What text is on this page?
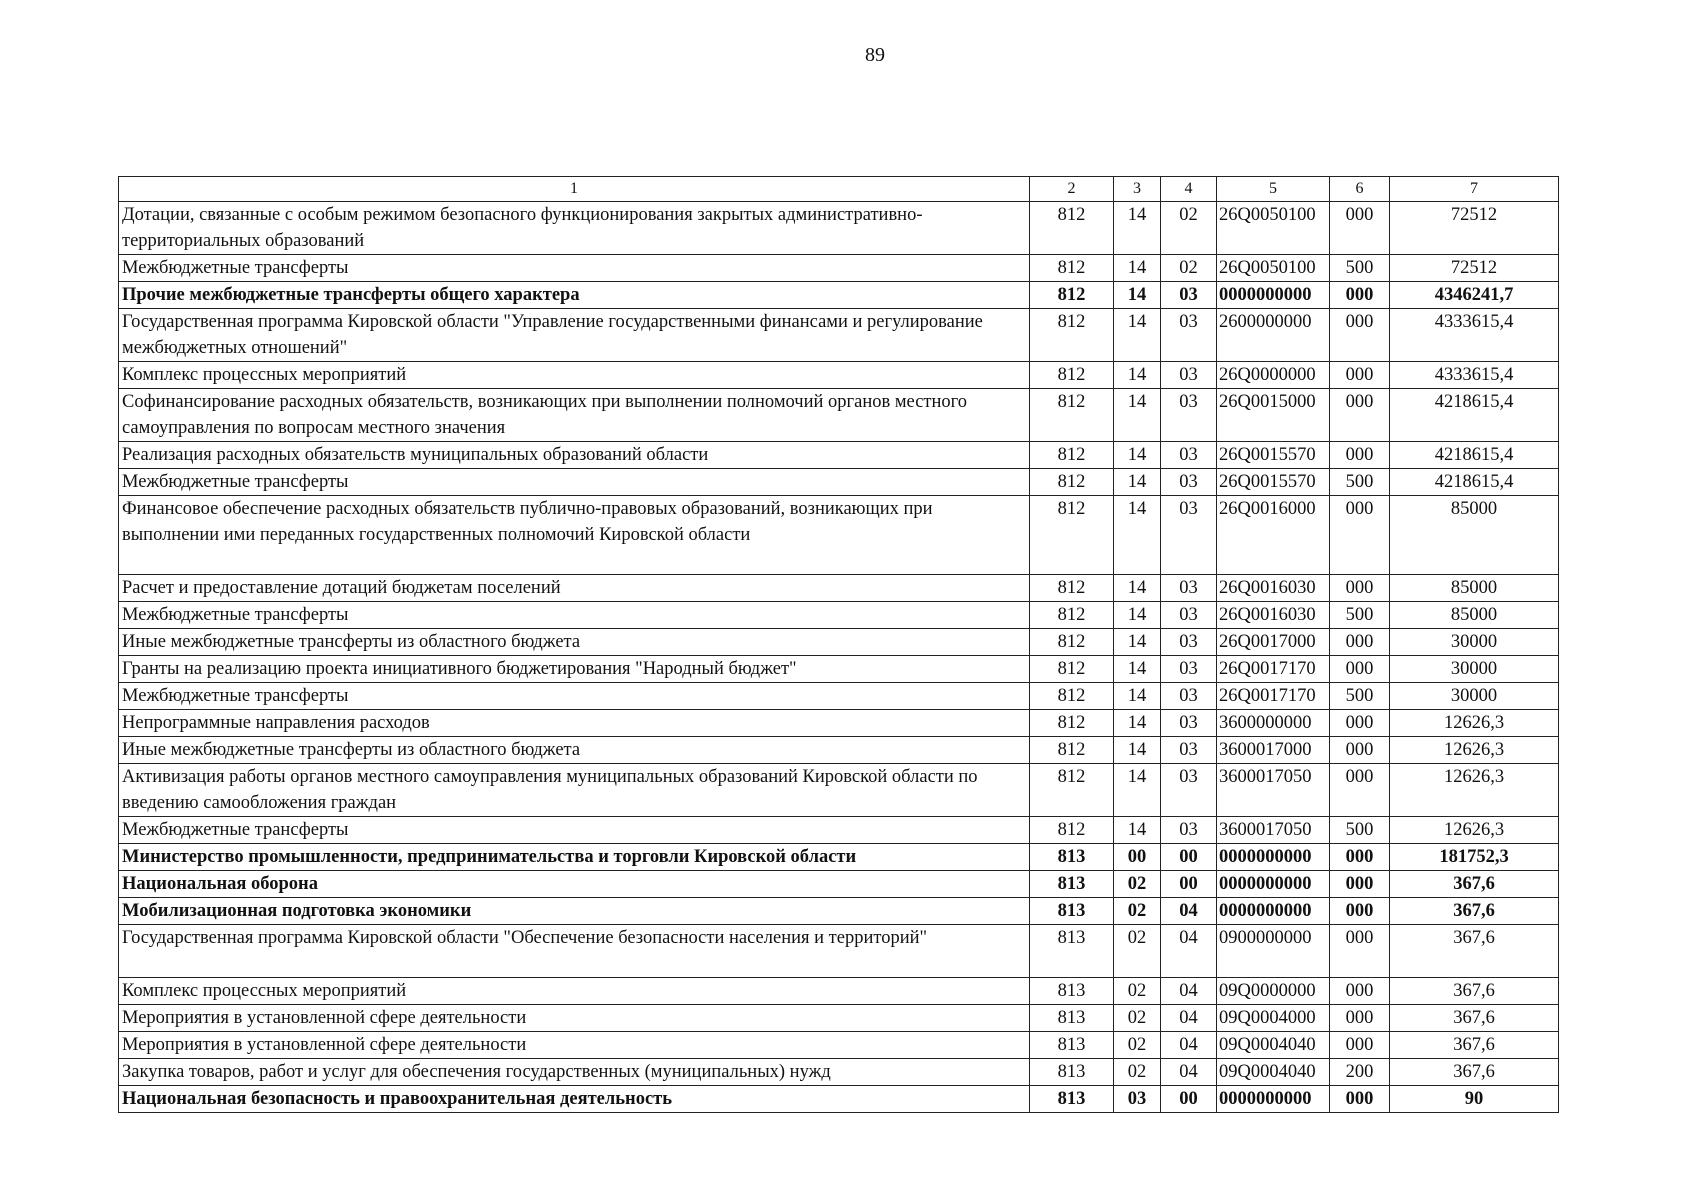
89
1	2	3	4	5	6	7
Дотации, связанные с особым режимом безопасного функционирования закрытых административно-территориальных образований	812	14	02	26Q0050100	000	72512
Межбюджетные трансферты	812	14	02	26Q0050100	500	72512
Прочие межбюджетные трансферты общего характера	812	14	03	0000000000	000	4346241,7
Государственная программа Кировской области "Управление государственными финансами и регулирование межбюджетных отношений"	812	14	03	2600000000	000	4333615,4
Комплекс процессных мероприятий	812	14	03	26Q0000000	000	4333615,4
Софинансирование расходных обязательств, возникающих при выполнении полномочий органов местного самоуправления по вопросам местного значения	812	14	03	26Q0015000	000	4218615,4
Реализация расходных обязательств муниципальных образований области	812	14	03	26Q0015570	000	4218615,4
Межбюджетные трансферты	812	14	03	26Q0015570	500	4218615,4
Финансовое обеспечение расходных обязательств публично-правовых образований, возникающих при выполнении ими переданных государственных полномочий Кировской области	812	14	03	26Q0016000	000	85000
Расчет и предоставление дотаций бюджетам поселений	812	14	03	26Q0016030	000	85000
Межбюджетные трансферты	812	14	03	26Q0016030	500	85000
Иные межбюджетные трансферты из областного бюджета	812	14	03	26Q0017000	000	30000
Гранты на реализацию проекта инициативного бюджетирования "Народный бюджет"	812	14	03	26Q0017170	000	30000
Межбюджетные трансферты	812	14	03	26Q0017170	500	30000
Непрограммные направления расходов	812	14	03	3600000000	000	12626,3
Иные межбюджетные трансферты из областного бюджета	812	14	03	3600017000	000	12626,3
Активизация работы органов местного самоуправления муниципальных образований Кировской области по введению самообложения граждан	812	14	03	3600017050	000	12626,3
Межбюджетные трансферты	812	14	03	3600017050	500	12626,3
Министерство промышленности, предпринимательства и торговли Кировской области	813	00	00	0000000000	000	181752,3
Национальная оборона	813	02	00	0000000000	000	367,6
Мобилизационная подготовка экономики	813	02	04	0000000000	000	367,6
Государственная программа Кировской области "Обеспечение безопасности населения и территорий"	813	02	04	0900000000	000	367,6
Комплекс процессных мероприятий	813	02	04	09Q0000000	000	367,6
Мероприятия в установленной сфере деятельности	813	02	04	09Q0004000	000	367,6
Мероприятия в установленной сфере деятельности	813	02	04	09Q0004040	000	367,6
Закупка товаров, работ и услуг для обеспечения государственных (муниципальных) нужд	813	02	04	09Q0004040	200	367,6
Национальная безопасность и правоохранительная деятельность	813	03	00	0000000000	000	90
